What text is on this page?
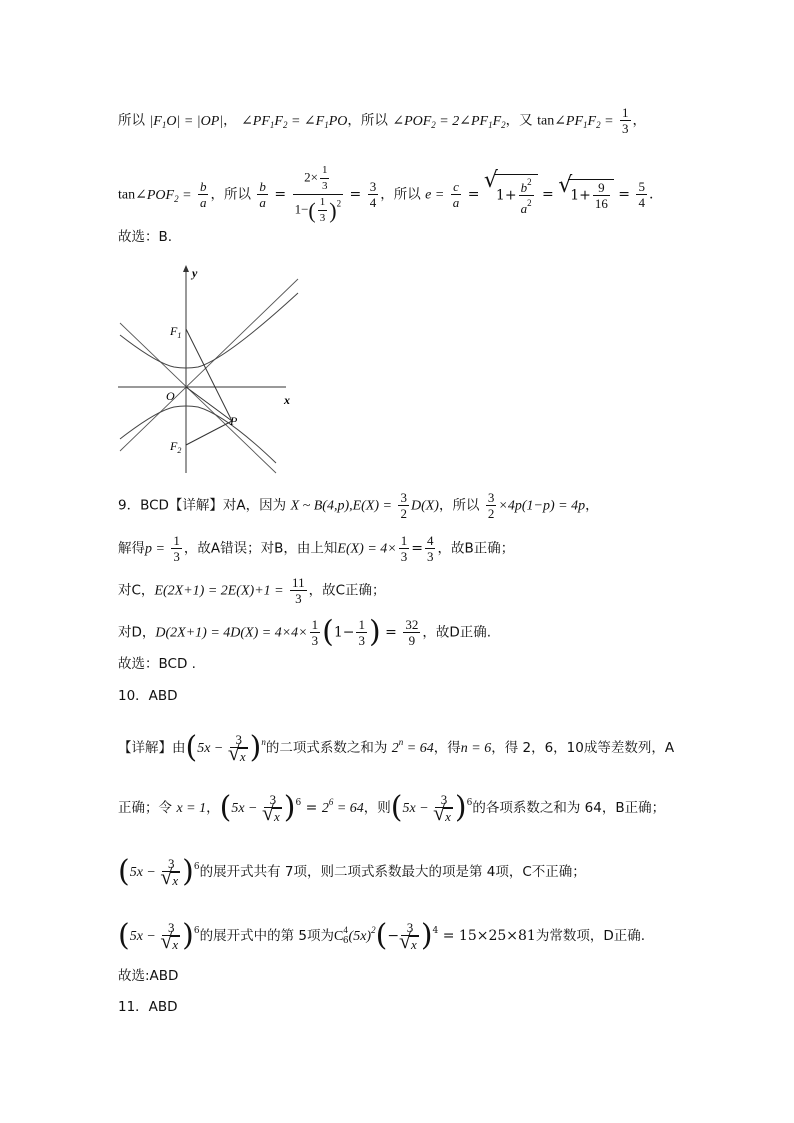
所以 $|F_1O| = |OP|$， $\angle PF_1F_2$ = $\angle F_1PO$，所以 $\angle POF_2$ = $2\angle PF_1F_2$，又 $\tan\angle PF_1F_2 = \frac{1}{3}$ ，
$\tan\angle POF_2 = \frac{b}{a}$ ，所以 $\frac{b}{a} = \frac{2\times \frac{1}{3}}{1-( \frac{1}{3} )^2} = \frac{3}{4}$ ，所以 $e = \frac{c}{a}$ = √ $1+ \frac{b^2}{a^2}$ = √ $1+ \frac{9}{16} = \frac{5}{4}$ .
故选：B.
y
x
O
$F_1$
$F_2$
P
9．BCD【详解】对A，因为 X ~ $B(4,p),E(X) = \frac{3}{2} D(X)$，所以 $\frac{3}{2} \times 4p(1-p) = 4p$，
解得$p = \frac{1}{3}$ ，故A错误；对B，由上知$E(X) = 4\times \frac{1}{3} = \frac{4}{3}$ ，故B正确；
对C，$E(2X+1) = 2E(X)+1 = \frac{11}{3}$ ，故C正确；
对D，$D(2X+1) = 4D(X) = 4\times 4\times \frac{1}{3} (1- \frac{1}{3}$ ) = $\frac{32}{9}$ ，故D正确.
故选：BCD .
10．ABD
【详解】由(5x − 3
√ x )$^n$的二项式系数之和为 $2^n = 64$，得n = 6，得 2，6，10成等差数列，A
正确；令 x = 1，(5x − 3
√ x )$^6 = 2^6 = 64$，则(5x − 3
√ x )$^6$的各项系数之和为 64，B正确；
(5x − 3
√ x )$^6$的展开式共有 7项，则二项式系数最大的项是第 4项，C不正确；
(5x − 3
√ x )$^6$的展开式中的第 5项为$C^4_6(5x)^2(- 3$
√ x )$^4$ = 15×25×81为常数项，D正确.
故选:ABD
11．ABD
